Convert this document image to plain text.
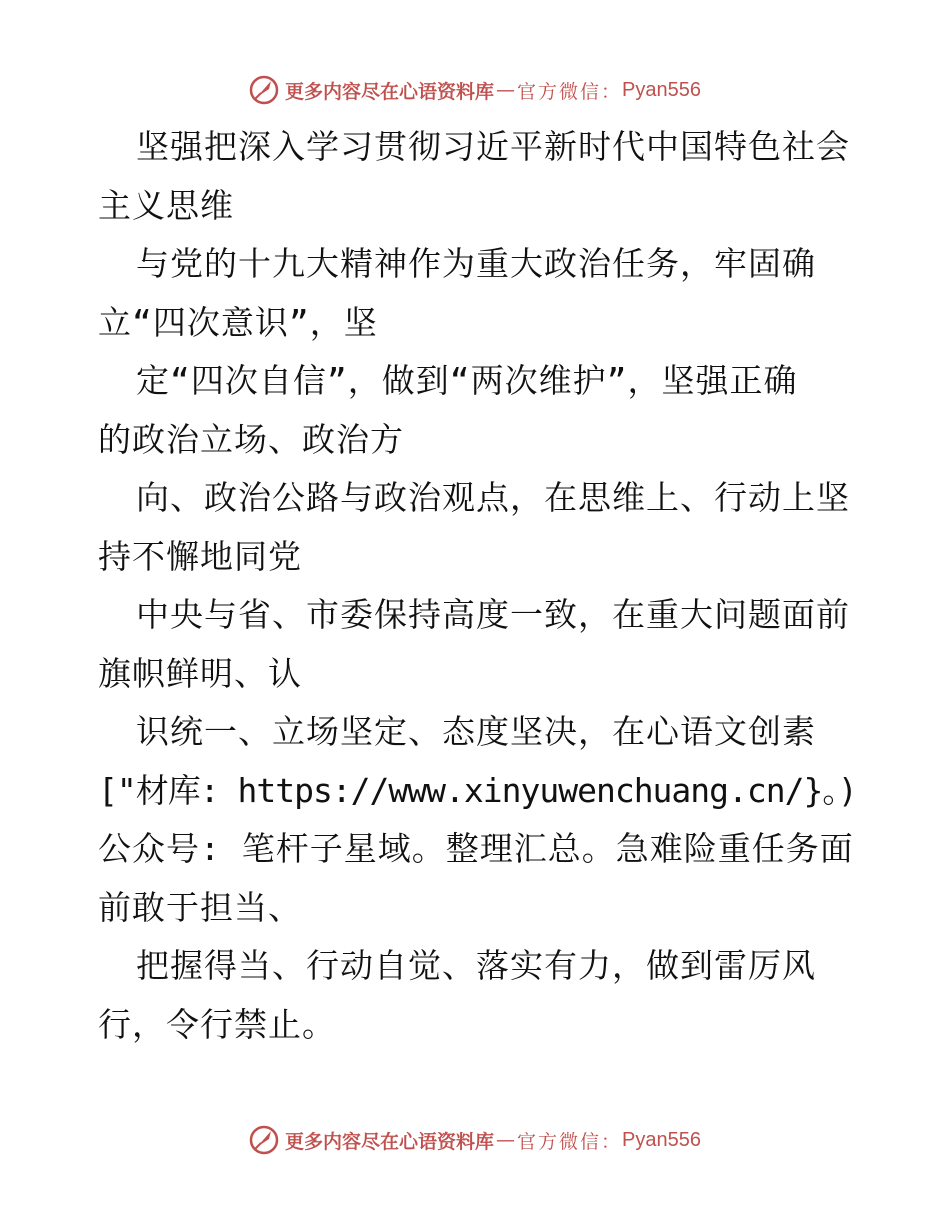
更多内容尽在心语资料库 — 官方微信： Pyan556
坚强把深入学习贯彻习近平新时代中国特色社会
主义思维
与党的十九大精神作为重大政治任务，牢固确
立“四次意识”，坚
定“四次自信”，做到“两次维护”，坚强正确
的政治立场、政治方
向、政治公路与政治观点，在思维上、行动上坚
持不懈地同党
中央与省、市委保持高度一致，在重大问题面前
旗帜鲜明、认
识统一、立场坚定、态度坚决，在心语文创素
["材库: https://www.xinyuwenchuang.cn/}。)
公众号: 笔杆子星域。整理汇总。急难险重任务面
前敢于担当、
把握得当、行动自觉、落实有力，做到雷厉风
行，令行禁止。
更多内容尽在心语资料库 — 官方微信： Pyan556
